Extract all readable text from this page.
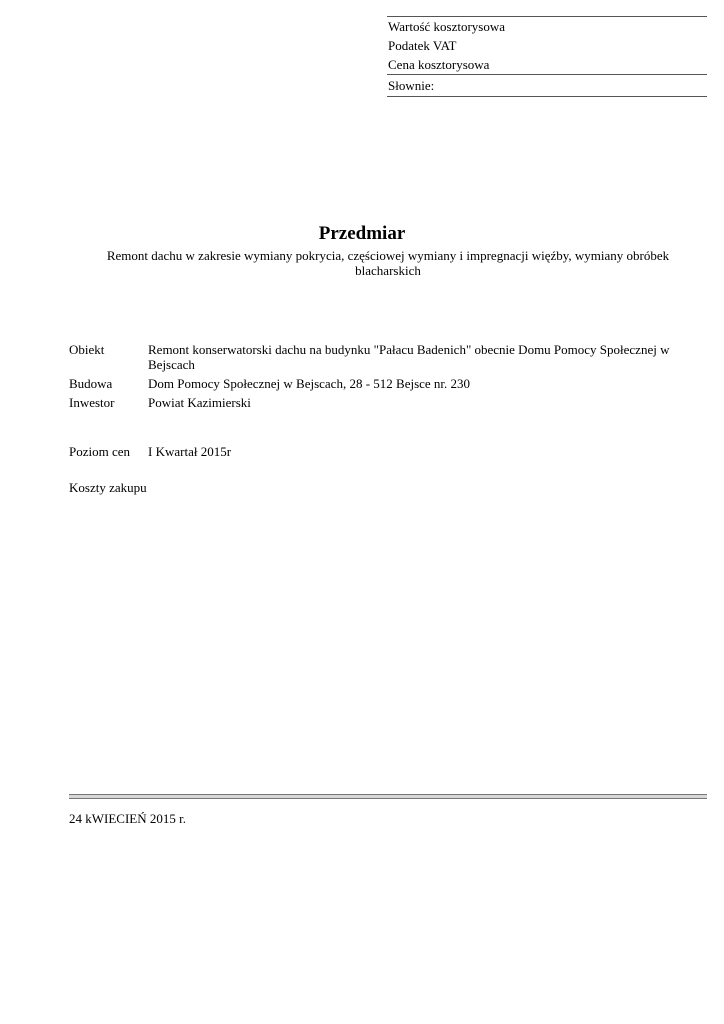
Wartość kosztorysowa
Podatek VAT
Cena kosztorysowa
Słownie:
Przedmiar
Remont dachu w zakresie wymiany pokrycia, częściowej wymiany i impregnacji więźby, wymiany obróbek blacharskich
Obiekt	Remont konserwatorski dachu na budynku "Pałacu Badenich" obecnie Domu Pomocy Społecznej w Bejscach
Budowa	Dom Pomocy Społecznej w Bejscach, 28 - 512 Bejsce nr. 230
Inwestor	Powiat Kazimierski
Poziom cen	I Kwartał 2015r
Koszty zakupu
24 kWIECIEŃ 2015 r.
